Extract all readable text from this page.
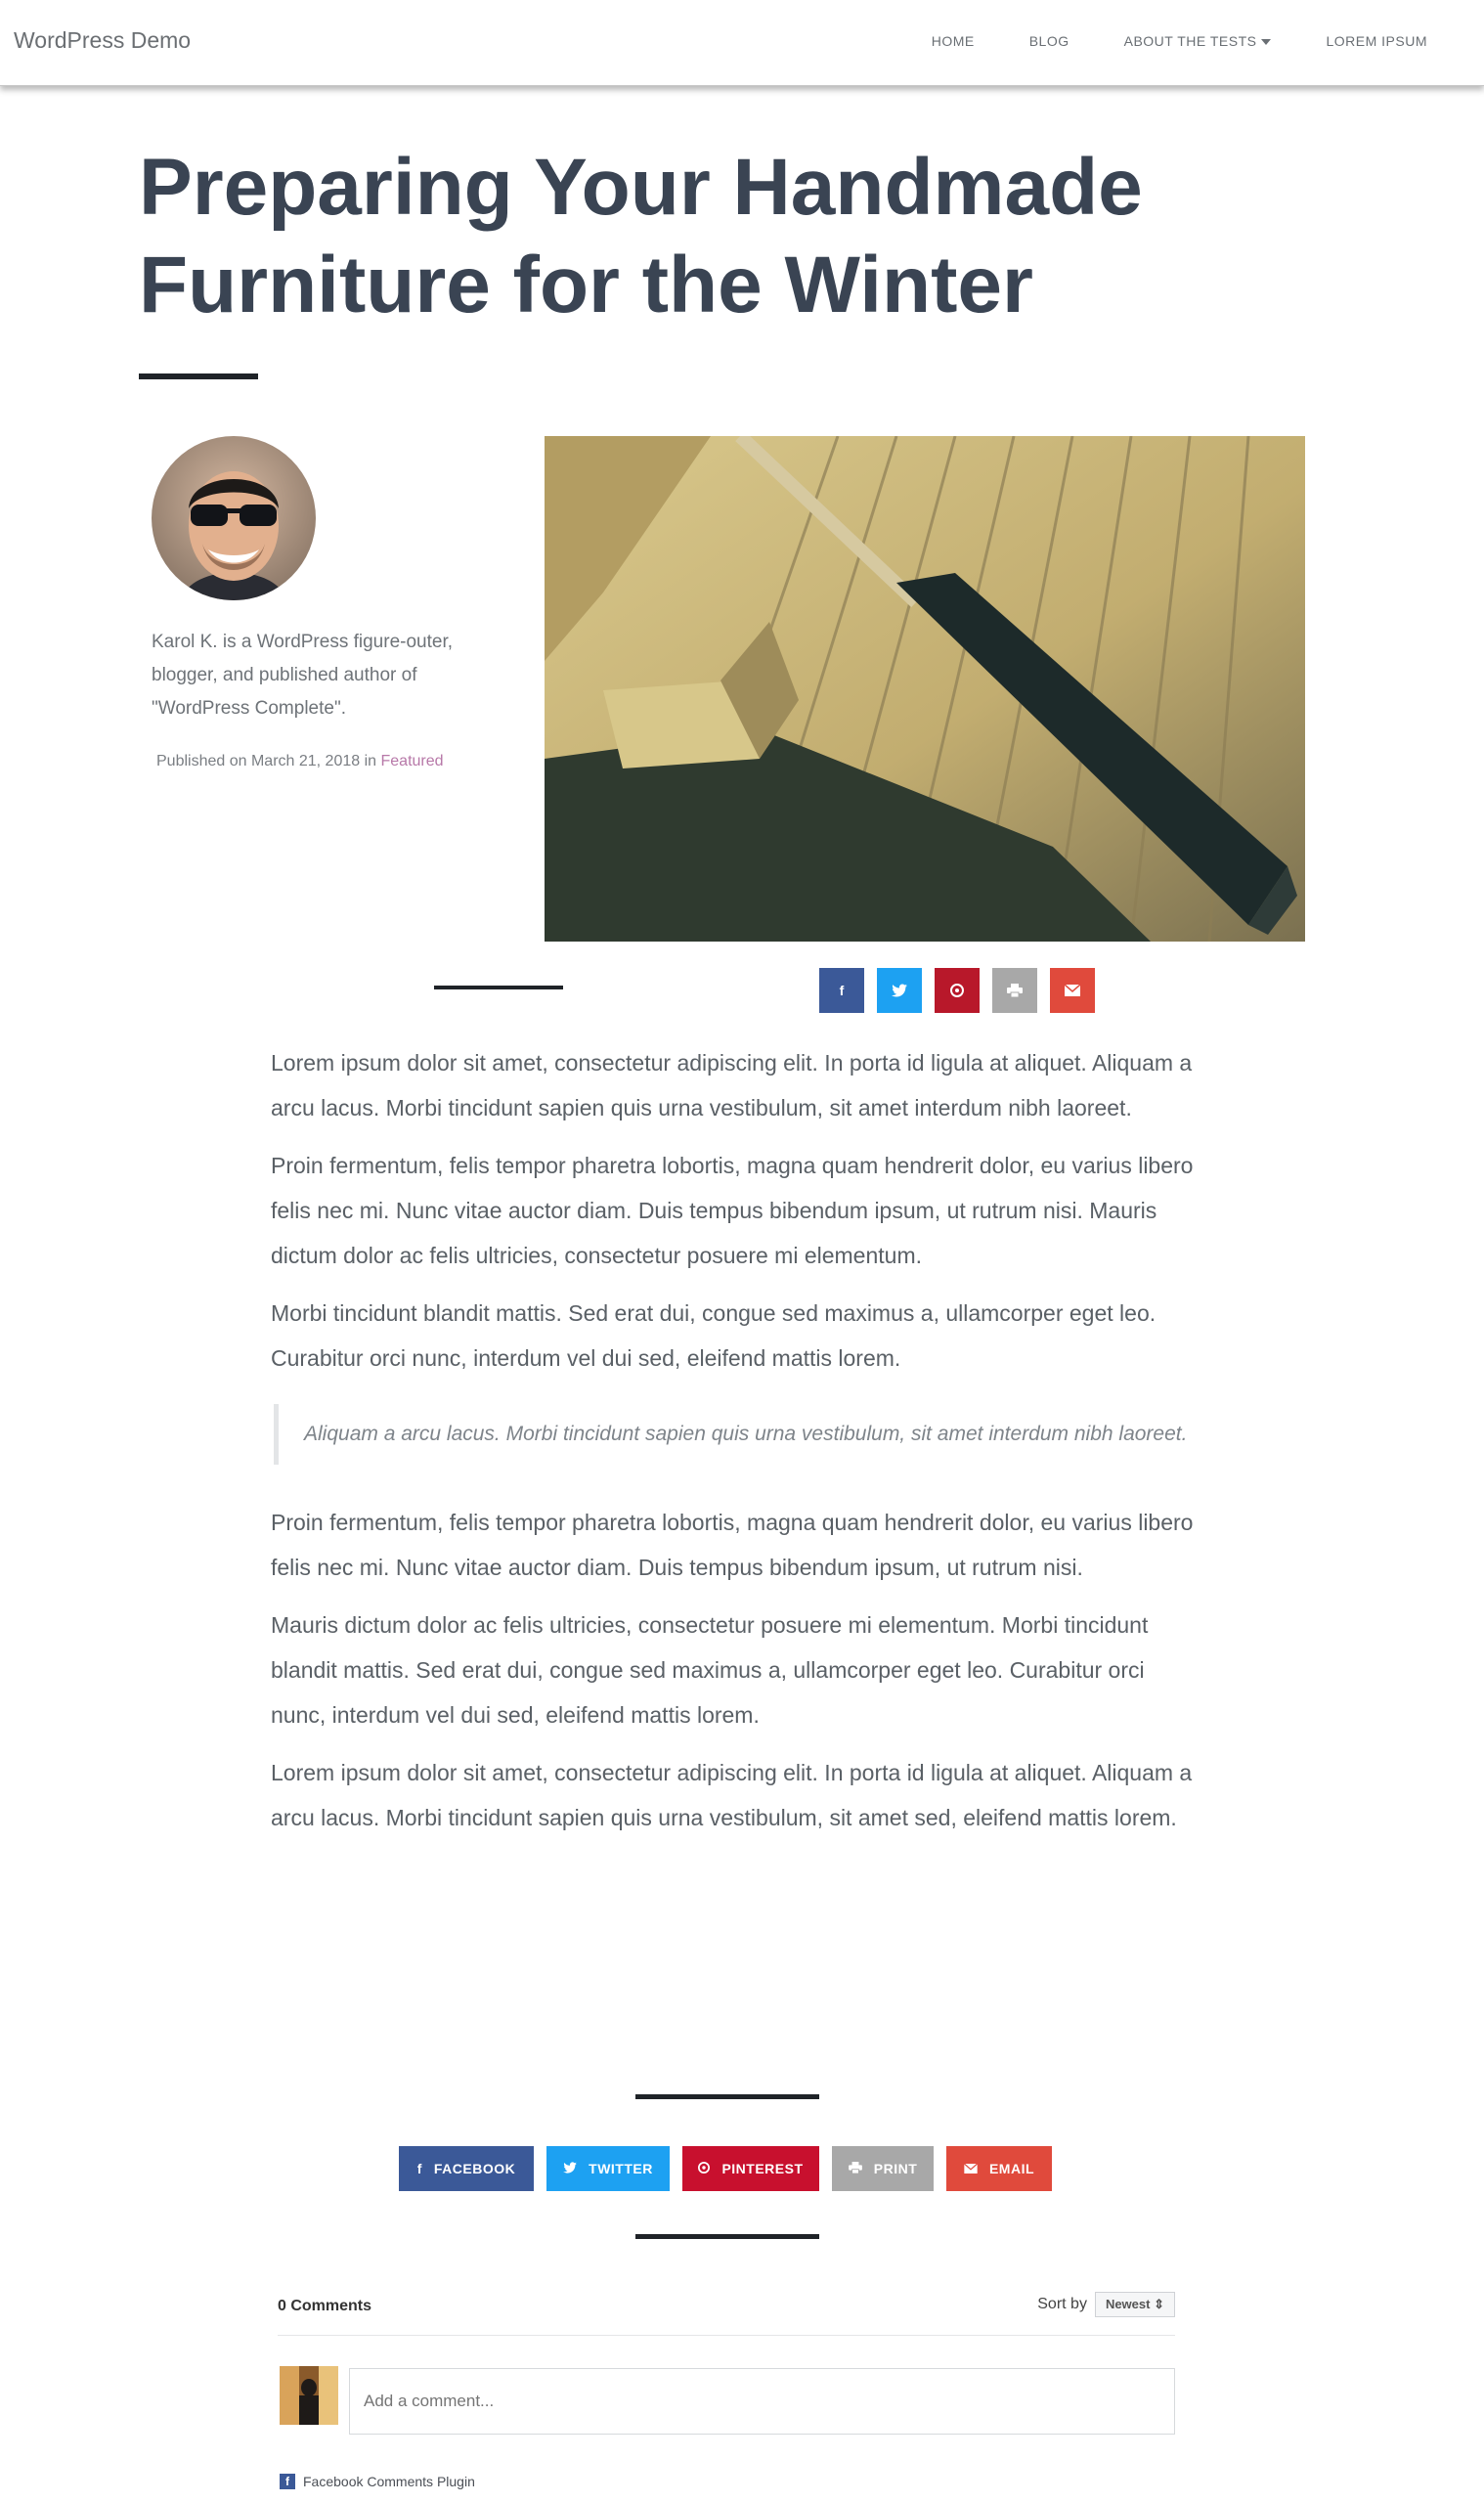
WordPress Demo	HOME	BLOG	ABOUT THE TESTS	LOREM IPSUM
Preparing Your Handmade Furniture for the Winter

Karol K. is a WordPress figure-outer, blogger, and published author of "WordPress Complete".

Published on March 21, 2018 in Featured
f

Lorem ipsum dolor sit amet, consectetur adipiscing elit. In porta id ligula at aliquet. Aliquam a arcu lacus. Morbi tincidunt sapien quis urna vestibulum, sit amet interdum nibh laoreet.

Proin fermentum, felis tempor pharetra lobortis, magna quam hendrerit dolor, eu varius libero felis nec mi. Nunc vitae auctor diam. Duis tempus bibendum ipsum, ut rutrum nisi. Mauris dictum dolor ac felis ultricies, consectetur posuere mi elementum.

Morbi tincidunt blandit mattis. Sed erat dui, congue sed maximus a, ullamcorper eget leo. Curabitur orci nunc, interdum vel dui sed, eleifend mattis lorem.

Aliquam a arcu lacus. Morbi tincidunt sapien quis urna vestibulum, sit amet interdum nibh laoreet.

Proin fermentum, felis tempor pharetra lobortis, magna quam hendrerit dolor, eu varius libero felis nec mi. Nunc vitae auctor diam. Duis tempus bibendum ipsum, ut rutrum nisi.

Mauris dictum dolor ac felis ultricies, consectetur posuere mi elementum. Morbi tincidunt blandit mattis. Sed erat dui, congue sed maximus a, ullamcorper eget leo. Curabitur orci nunc, interdum vel dui sed, eleifend mattis lorem.

Lorem ipsum dolor sit amet, consectetur adipiscing elit. In porta id ligula at aliquet. Aliquam a arcu lacus. Morbi tincidunt sapien quis urna vestibulum, sit amet sed, eleifend mattis lorem.

f FACEBOOK	TWITTER	PINTEREST	PRINT	EMAIL
0 Comments	Sort by	Newest ⇕
Add a comment...
f	Facebook Comments Plugin
